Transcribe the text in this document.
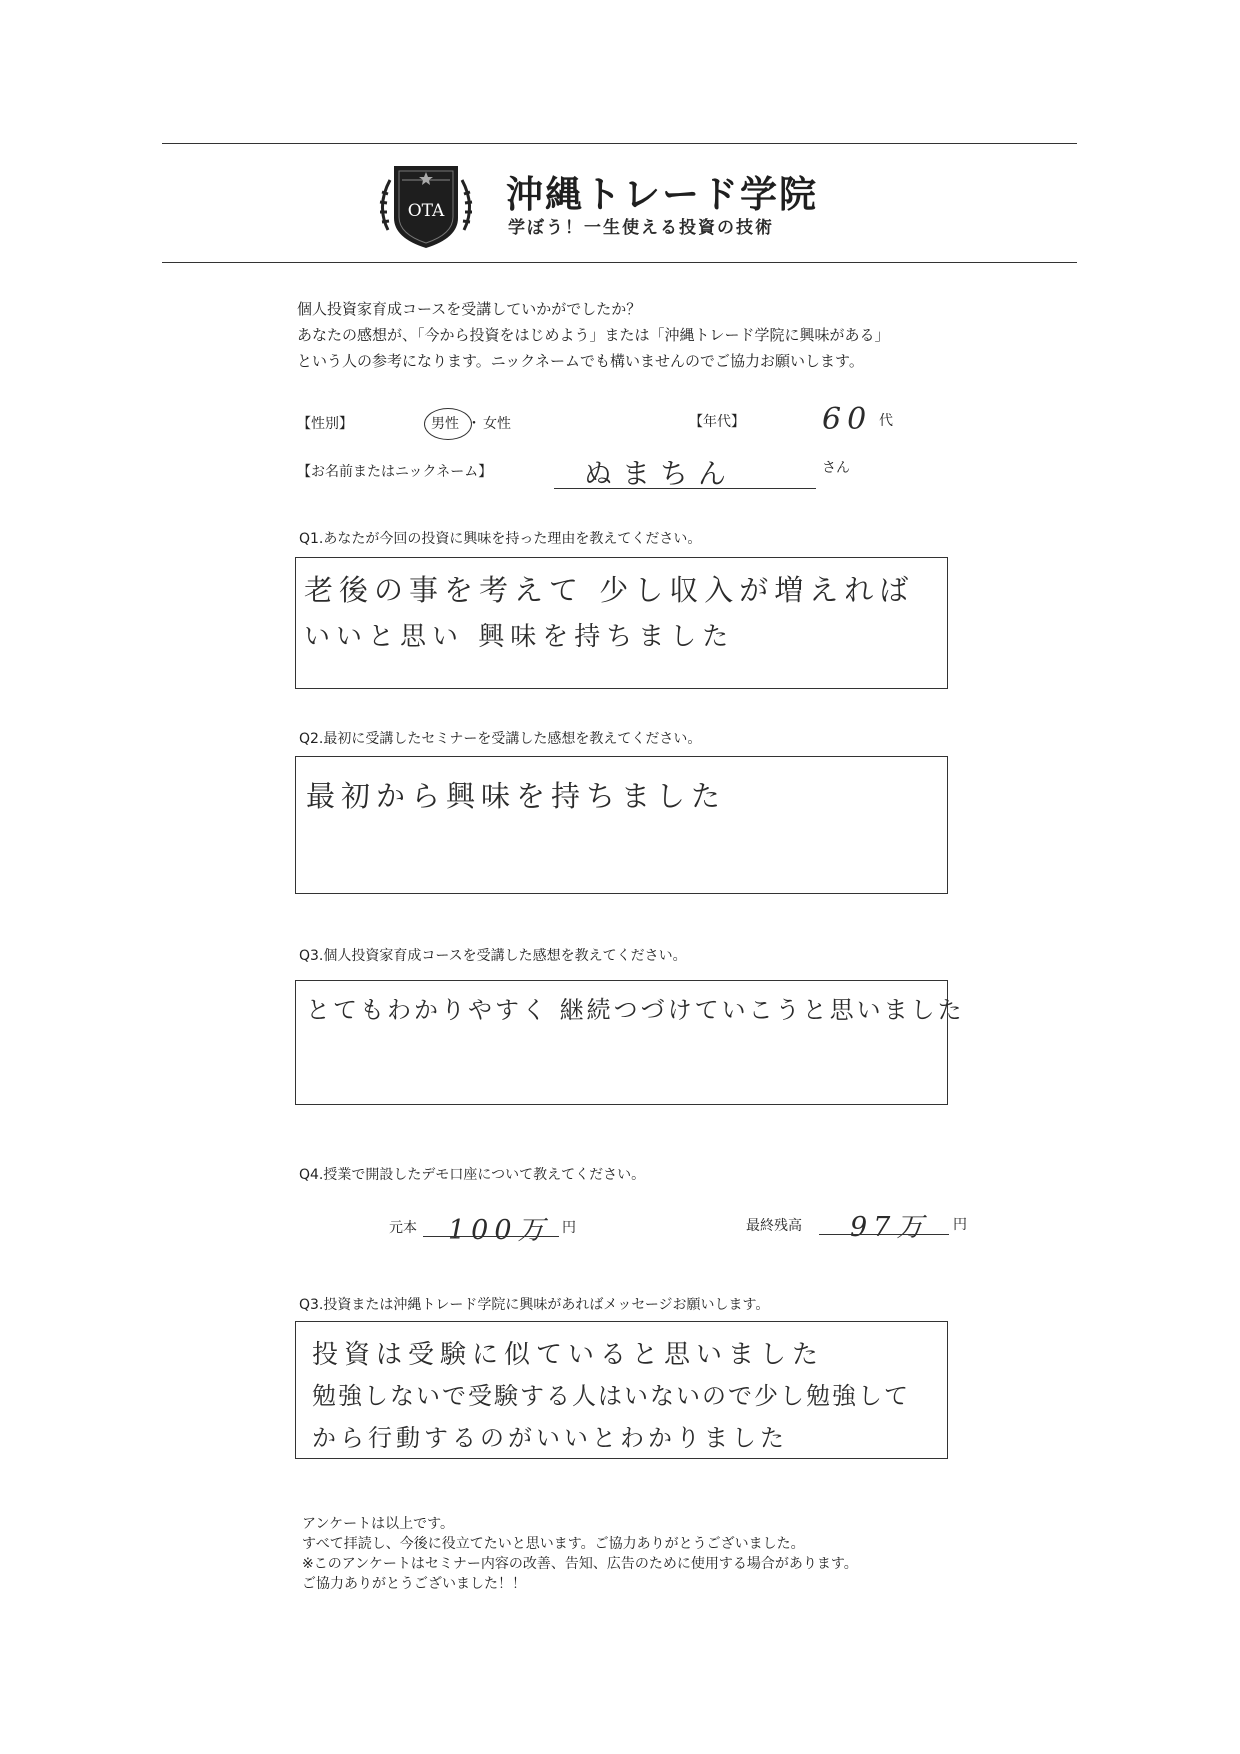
OTA 沖縄トレード学院
学ぼう！一生使える投資の技術
個人投資家育成コースを受講していかがでしたか？
あなたの感想が、「今から投資をはじめよう」または「沖縄トレード学院に興味がある」
という人の参考になります。ニックネームでも構いませんのでご協力お願いします。
【性別】	男性 ・ 女性	【年代】	60 代
【お名前またはニックネーム】	ぬまちん	さん
Q1.あなたが今回の投資に興味を持った理由を教えてください。
老後の事を考えて 少し収入が増えれば
いいと思い 興味を持ちました
Q2.最初に受講したセミナーを受講した感想を教えてください。
最初から興味を持ちました
Q3.個人投資家育成コースを受講した感想を教えてください。
とてもわかりやすく 継続つづけていこうと思いました
Q4.授業で開設したデモ口座について教えてください。
元本 100万 円	最終残高 97万 円
Q3.投資または沖縄トレード学院に興味があればメッセージお願いします。
投資は受験に似ていると思いました
勉強しないで受験する人はいないので少し勉強して
から行動するのがいいとわかりました
アンケートは以上です。
すべて拝読し、今後に役立てたいと思います。ご協力ありがとうございました。
※このアンケートはセミナー内容の改善、告知、広告のために使用する場合があります。
ご協力ありがとうございました！！
